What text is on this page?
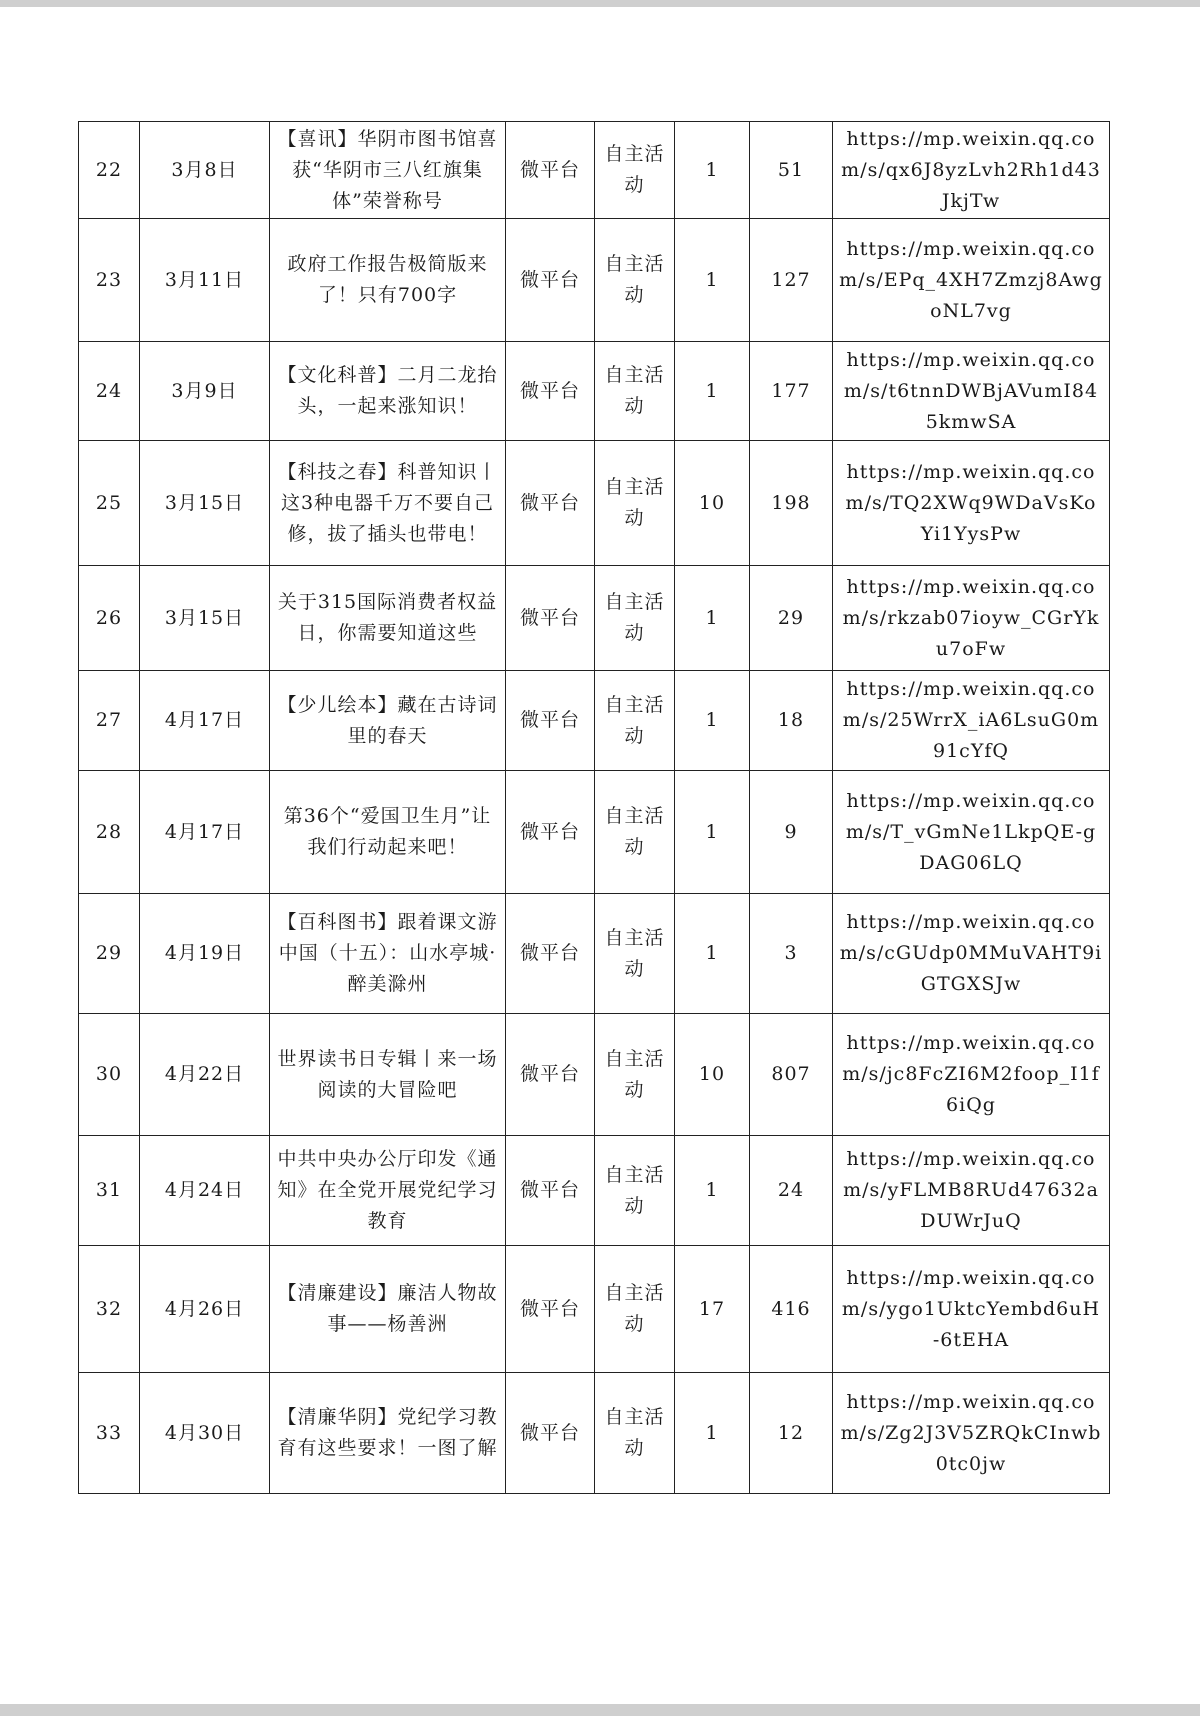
22	3月8日	【喜讯】华阴市图书馆喜获“华阴市三八红旗集体”荣誉称号	微平台	自主活动	1	51	https://mp.weixin.qq.com/s/qx6J8yzLvh2Rh1d43JkjTw
23	3月11日	政府工作报告极简版来了！只有700字	微平台	自主活动	1	127	https://mp.weixin.qq.com/s/EPq_4XH7Zmzj8AwgoNL7vg
24	3月9日	【文化科普】二月二龙抬头，一起来涨知识！	微平台	自主活动	1	177	https://mp.weixin.qq.com/s/t6tnnDWBjAVumI845kmwSA
25	3月15日	【科技之春】科普知识丨这3种电器千万不要自己修，拔了插头也带电！	微平台	自主活动	10	198	https://mp.weixin.qq.com/s/TQ2XWq9WDaVsKoYi1YysPw
26	3月15日	关于315国际消费者权益日，你需要知道这些	微平台	自主活动	1	29	https://mp.weixin.qq.com/s/rkzab07ioyw_CGrYku7oFw
27	4月17日	【少儿绘本】藏在古诗词里的春天	微平台	自主活动	1	18	https://mp.weixin.qq.com/s/25WrrX_iA6LsuG0m91cYfQ
28	4月17日	第36个“爱国卫生月”让我们行动起来吧！	微平台	自主活动	1	9	https://mp.weixin.qq.com/s/T_vGmNe1LkpQE-gDAG06LQ
29	4月19日	【百科图书】跟着课文游中国（十五）：山水亭城·醉美滁州	微平台	自主活动	1	3	https://mp.weixin.qq.com/s/cGUdp0MMuVAHT9iGTGXSJw
30	4月22日	世界读书日专辑丨来一场阅读的大冒险吧	微平台	自主活动	10	807	https://mp.weixin.qq.com/s/jc8FcZI6M2foop_I1f6iQg
31	4月24日	中共中央办公厅印发《通知》在全党开展党纪学习教育	微平台	自主活动	1	24	https://mp.weixin.qq.com/s/yFLMB8RUd47632aDUWrJuQ
32	4月26日	【清廉建设】廉洁人物故事——杨善洲	微平台	自主活动	17	416	https://mp.weixin.qq.com/s/ygo1UktcYembd6uH-6tEHA
33	4月30日	【清廉华阴】党纪学习教育有这些要求！一图了解	微平台	自主活动	1	12	https://mp.weixin.qq.com/s/Zg2J3V5ZRQkCInwb0tc0jw
